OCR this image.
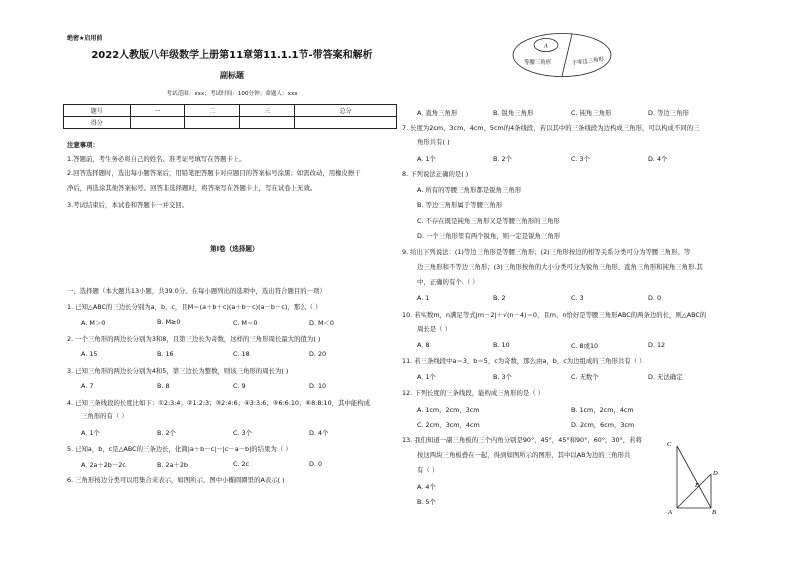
绝密★启用前
2022人教版八年级数学上册第11章第11.1.1节-带答案和解析
副标题
考试范围：xxx；考试时间：100分钟；命题人：xxx
题号	一	二	三	总分
得分				
注意事项：
1.答题前，考生务必将自己的姓名、准考证号填写在答题卡上。
2.回答选择题时，选出每小题答案后，用铅笔把答题卡对应题目的答案标号涂黑；如需改动，用橡皮擦干
净后，再选涂其他答案标号。回答非选择题时，将答案写在答题卡上，写在试卷上无效。
3.考试结束后，本试卷和答题卡一并交回。
第I卷（选择题）
一、选择题（本大题共13小题，共39.0分。在每小题列出的选项中，选出符合题目的一项）
1. 已知△ABC的三边长分别为a，b，c，且M＝(a＋b＋c)(a＋b－c)(a－b－c)，那么（ ）
A. M＞0	B. M≥0	C. M＝0	D. M＜0
2. 一个三角形的两边长分别为3和8，且第三边长为奇数，这样的三角形周长最大的值为( )
A. 15	B. 16	C. 18	D. 20
3. 已知三角形的两边长分别为4和5，第三边长为整数，则该三角形的周长为( )
A. 7	B. 8	C. 9	D. 10
4. 已知三条线段的长度比如下：①2:3:4；②1:2:3；③2:4:6；④3:3:6；⑤6:6:10；⑥8:8:10，其中能构成
三角形的有（ ）
A. 1个	B. 2个	C. 3个	D. 4个
5. 已知a，b，c是△ABC的三条边长，化简|a＋b－c|－|c－a－b|的结果为（ ）
A. 2a＋2b－2c	B. 2a＋2b	C. 2c	D. 0
6. 三角形按边分类可以用集合来表示，如图所示，图中小椭圆圈里的A表示( )
A
等腰三角形	不等边三角形
A. 直角三角形	B. 锐角三角形	C. 钝角三角形	D. 等边三角形
7. 长度为2cm、3cm、4cm、5cm的4条线段，若以其中的三条线段为边构成三角形，可以构成不同的三
角形共有( )
A. 1个	B. 2个	C. 3个	D. 4个
8. 下列说法正确的是( )
A. 所有的等腰三角形都是锐角三角形
B. 等边三角形属于等腰三角形
C. 不存在既是钝角三角形又是等腰三角形的三角形
D. 一个三角形里有两个锐角，则一定是锐角三角形
9. 给出下列说法：(1)等边三角形是等腰三角形；(2)三角形按边的相等关系分类可分为等腰三角形、等
边三角形和不等边三角形；(3)三角形按角的大小分类可分为锐角三角形、直角三角形和钝角三角形.其
中，正确的有个.（ ）
A. 1	B. 2	C. 3	D. 0
10. 若实数m，n满足等式|m－2|＋√(n－4)＝0，且m，n恰好是等腰三角形ABC的两条边的长，则△ABC的
周长是（ ）
A. 8	B. 10	C. 8或10	D. 12
11. 若三条线段中a＝3，b＝5，c为奇数，那么由a，b，c为边组成的三角形共有（ ）
A. 1个	B. 3个	C. 无数个	D. 无法确定
12. 下列长度的三条线段，能构成三角形的是（ ）
A. 1cm，2cm，3cm	B. 1cm，2cm，4cm
C. 2cm，3cm，4cm	D. 2cm，6cm，3cm
13. 我们知道一副三角板的三个内角分别是90°，45°，45°和90°，60°，30°，若将
按这两块三角板叠在一起，得到如图所示的图形，其中以AB为边的三角形共
有（ ）
A. 4个
B. 5个
C
D
E
A	B
